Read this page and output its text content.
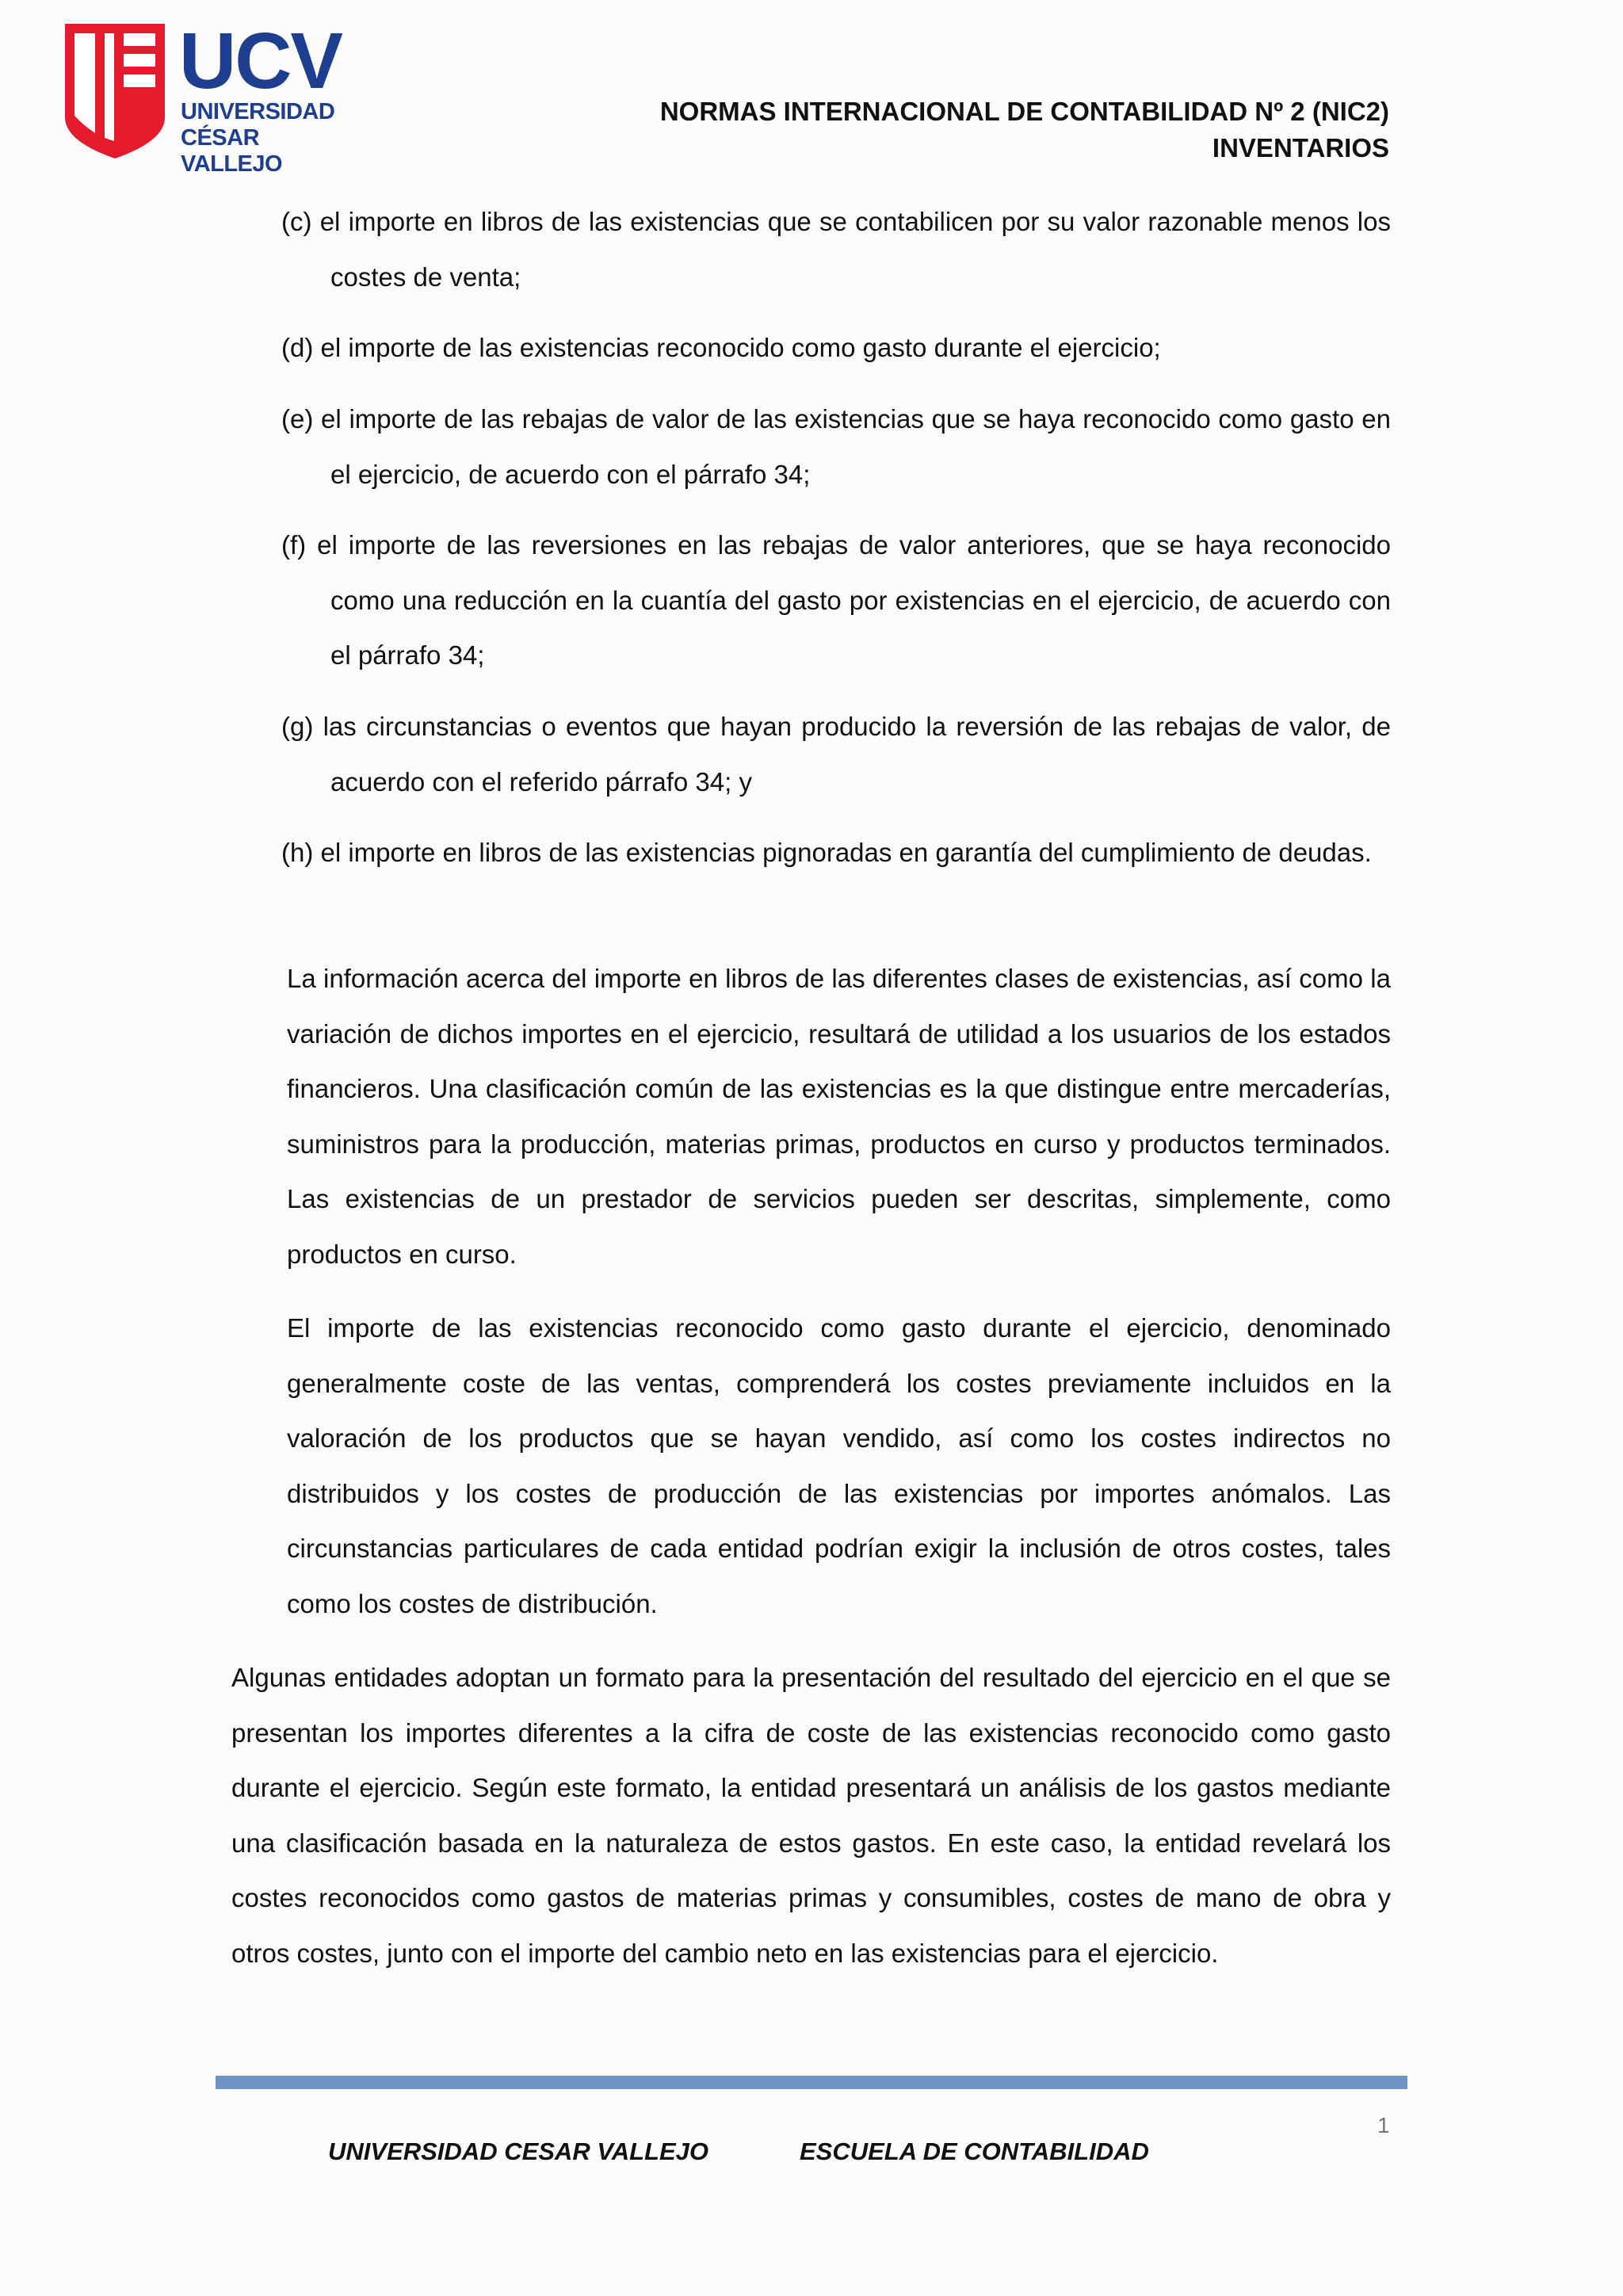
UCV
UNIVERSIDAD
CÉSAR VALLEJO
NORMAS INTERNACIONAL DE CONTABILIDAD Nº 2 (NIC2)
INVENTARIOS

(c) el importe en libros de las existencias que se contabilicen por su valor razonable menos los costes de venta;

(d) el importe de las existencias reconocido como gasto durante el ejercicio;

(e) el importe de las rebajas de valor de las existencias que se haya reconocido como gasto en el ejercicio, de acuerdo con el párrafo 34;

(f) el importe de las reversiones en las rebajas de valor anteriores, que se haya reconocido como una reducción en la cuantía del gasto por existencias en el ejercicio, de acuerdo con el párrafo 34;

(g) las circunstancias o eventos que hayan producido la reversión de las rebajas de valor, de acuerdo con el referido párrafo 34; y

(h) el importe en libros de las existencias pignoradas en garantía del cumplimiento de deudas.

La información acerca del importe en libros de las diferentes clases de existencias, así como la variación de dichos importes en el ejercicio, resultará de utilidad a los usuarios de los estados financieros. Una clasificación común de las existencias es la que distingue entre mercaderías, suministros para la producción, materias primas, productos en curso y productos terminados. Las existencias de un prestador de servicios pueden ser descritas, simplemente, como productos en curso.

El importe de las existencias reconocido como gasto durante el ejercicio, denominado generalmente coste de las ventas, comprenderá los costes previamente incluidos en la valoración de los productos que se hayan vendido, así como los costes indirectos no distribuidos y los costes de producción de las existencias por importes anómalos. Las circunstancias particulares de cada entidad podrían exigir la inclusión de otros costes, tales como los costes de distribución.

Algunas entidades adoptan un formato para la presentación del resultado del ejercicio en el que se presentan los importes diferentes a la cifra de coste de las existencias reconocido como gasto durante el ejercicio. Según este formato, la entidad presentará un análisis de los gastos mediante una clasificación basada en la naturaleza de estos gastos. En este caso, la entidad revelará los costes reconocidos como gastos de materias primas y consumibles, costes de mano de obra y otros costes, junto con el importe del cambio neto en las existencias para el ejercicio.

1
UNIVERSIDAD CESAR VALLEJO	ESCUELA DE CONTABILIDAD
